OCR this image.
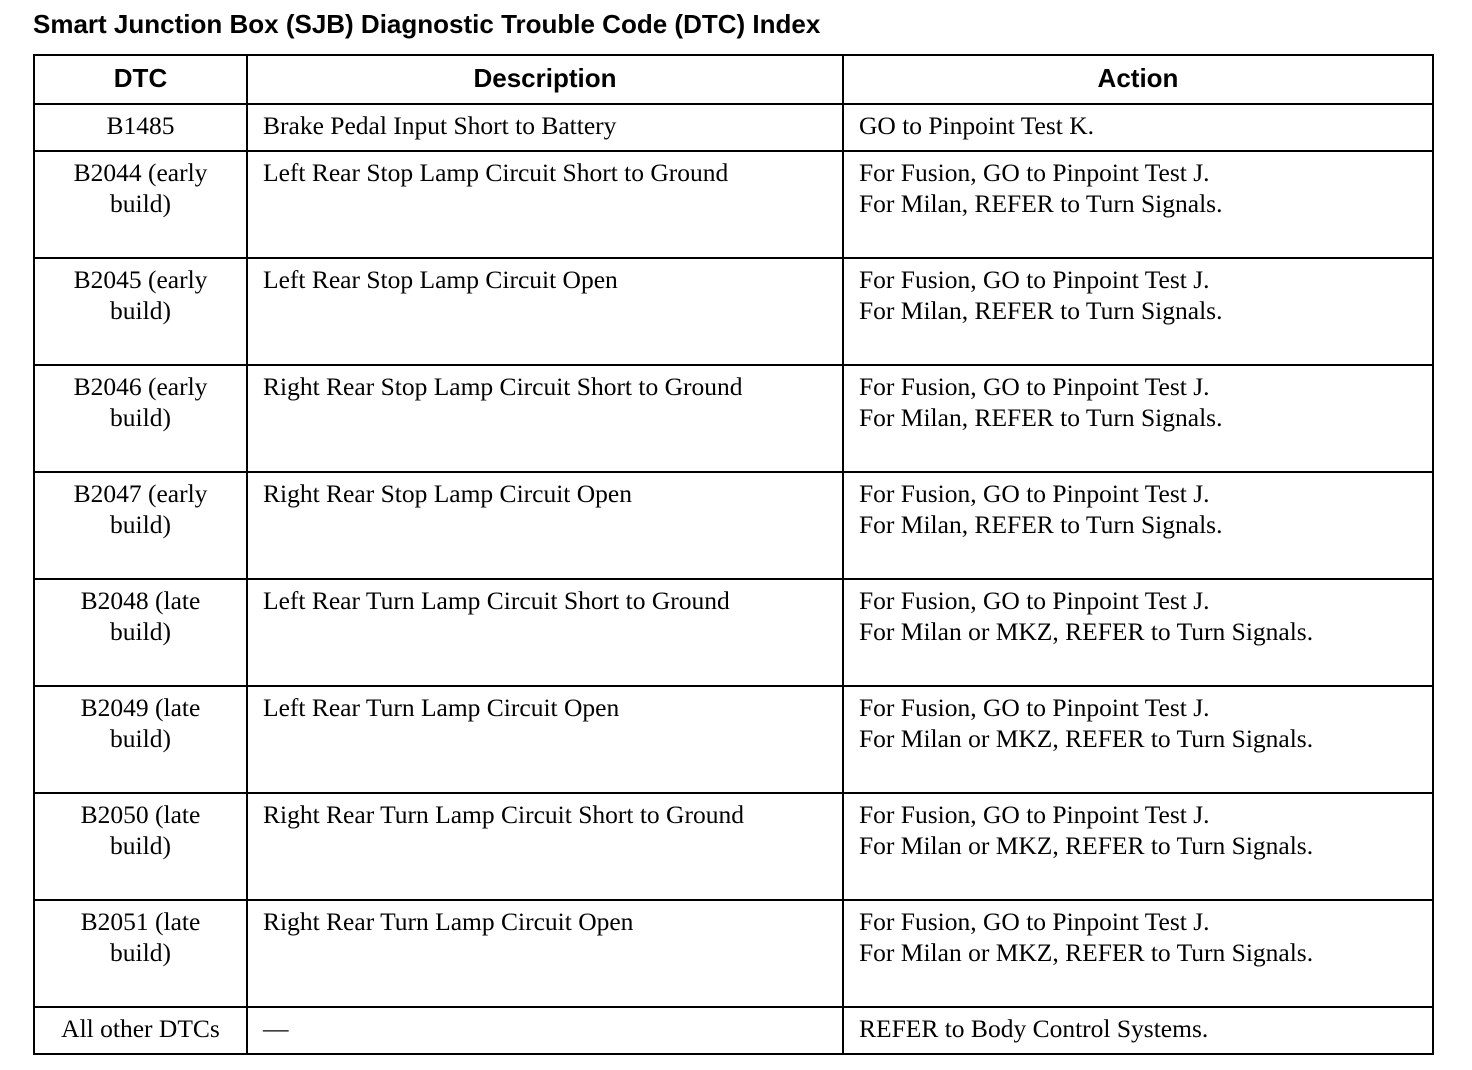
Smart Junction Box (SJB) Diagnostic Trouble Code (DTC) Index
DTC	Description	Action

B1485	Brake Pedal Input Short to Battery	GO to Pinpoint Test K.

B2044 (early
build)	Left Rear Stop Lamp Circuit Short to Ground	For Fusion, GO to Pinpoint Test J.
For Milan, REFER to Turn Signals.

B2045 (early
build)	Left Rear Stop Lamp Circuit Open	For Fusion, GO to Pinpoint Test J.
For Milan, REFER to Turn Signals.

B2046 (early
build)	Right Rear Stop Lamp Circuit Short to Ground	For Fusion, GO to Pinpoint Test J.
For Milan, REFER to Turn Signals.

B2047 (early
build)	Right Rear Stop Lamp Circuit Open	For Fusion, GO to Pinpoint Test J.
For Milan, REFER to Turn Signals.

B2048 (late
build)	Left Rear Turn Lamp Circuit Short to Ground	For Fusion, GO to Pinpoint Test J.
For Milan or MKZ, REFER to Turn Signals.

B2049 (late
build)	Left Rear Turn Lamp Circuit Open	For Fusion, GO to Pinpoint Test J.
For Milan or MKZ, REFER to Turn Signals.

B2050 (late
build)	Right Rear Turn Lamp Circuit Short to Ground	For Fusion, GO to Pinpoint Test J.
For Milan or MKZ, REFER to Turn Signals.

B2051 (late
build)	Right Rear Turn Lamp Circuit Open	For Fusion, GO to Pinpoint Test J.
For Milan or MKZ, REFER to Turn Signals.

All other DTCs	—	REFER to Body Control Systems.
